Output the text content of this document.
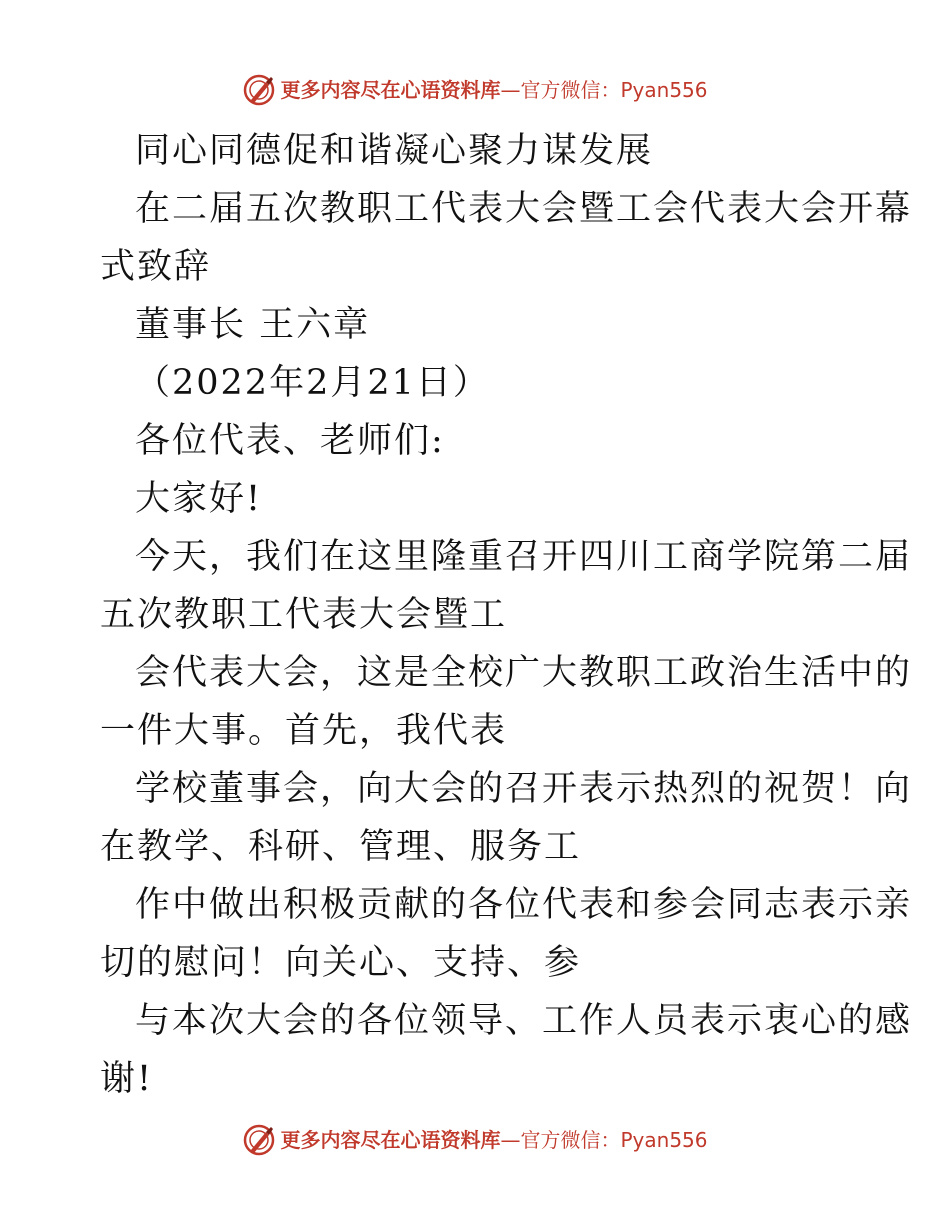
更多内容尽在心语资料库—官方微信：Pyan556
同心同德促和谐凝心聚力谋发展
在二届五次教职工代表大会暨工会代表大会开幕
式致辞
董事长 王六章
（2022年2月21日）
各位代表、老师们:
大家好!
今天，我们在这里隆重召开四川工商学院第二届
五次教职工代表大会暨工
会代表大会，这是全校广大教职工政治生活中的
一件大事。首先，我代表
学校董事会，向大会的召开表示热烈的祝贺！向
在教学、科研、管理、服务工
作中做出积极贡献的各位代表和参会同志表示亲
切的慰问！向关心、支持、参
与本次大会的各位领导、工作人员表示衷心的感
谢!
更多内容尽在心语资料库—官方微信：Pyan556
